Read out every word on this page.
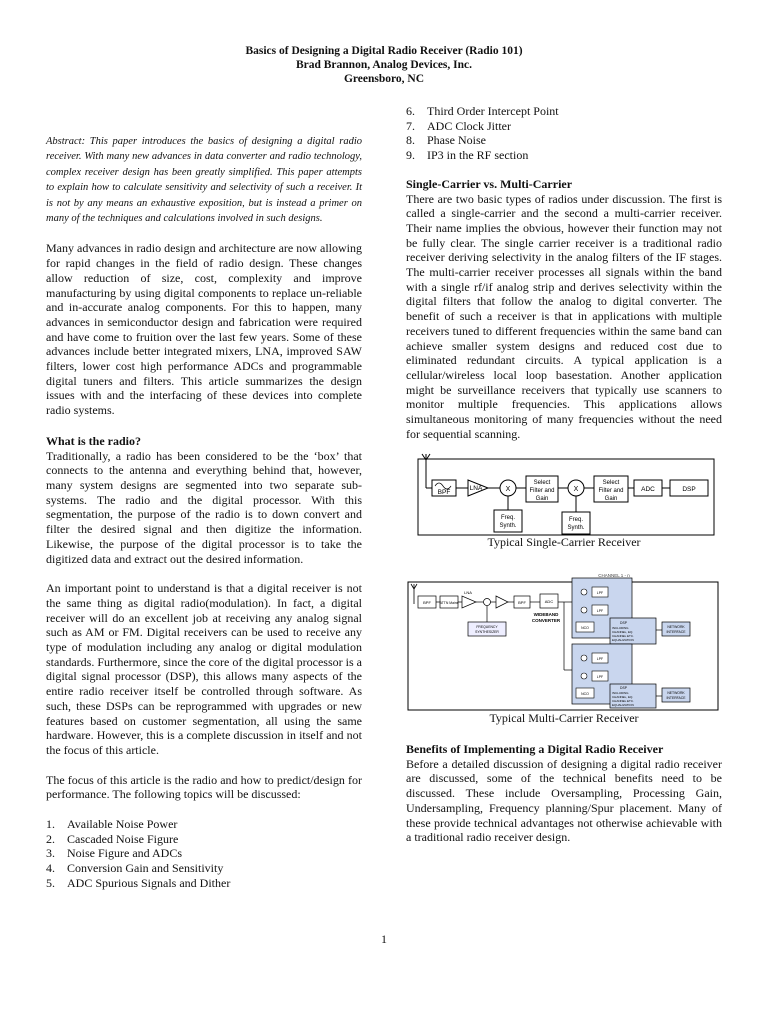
Basics of Designing a Digital Radio Receiver (Radio 101)
Brad Brannon, Analog Devices, Inc.
Greensboro, NC
Abstract: This paper introduces the basics of designing a digital radio receiver. With many new advances in data converter and radio technology, complex receiver design has been greatly simplified. This paper attempts to explain how to calculate sensitivity and selectivity of such a receiver. It is not by any means an exhaustive exposition, but is instead a primer on many of the techniques and calculations involved in such designs.
Many advances in radio design and architecture are now allowing for rapid changes in the field of radio design. These changes allow reduction of size, cost, complexity and improve manufacturing by using digital components to replace un-reliable and in-accurate analog components. For this to happen, many advances in semiconductor design and fabrication were required and have come to fruition over the last few years. Some of these advances include better integrated mixers, LNA, improved SAW filters, lower cost high performance ADCs and programmable digital tuners and filters. This article summarizes the design issues with and the interfacing of these devices into complete radio systems.
What is the radio?
Traditionally, a radio has been considered to be the ‘box’ that connects to the antenna and everything behind that, however, many system designs are segmented into two separate sub-systems. The radio and the digital processor. With this segmentation, the purpose of the radio is to down convert and filter the desired signal and then digitize the information. Likewise, the purpose of the digital processor is to take the digitized data and extract out the desired information.
An important point to understand is that a digital receiver is not the same thing as digital radio(modulation). In fact, a digital receiver will do an excellent job at receiving any analog signal such as AM or FM. Digital receivers can be used to receive any type of modulation including any analog or digital modulation standards. Furthermore, since the core of the digital processor is a digital signal processor (DSP), this allows many aspects of the entire radio receiver itself be controlled through software. As such, these DSPs can be reprogrammed with upgrades or new features based on customer segmentation, all using the same hardware. However, this is a complete discussion in itself and not the focus of this article.
The focus of this article is the radio and how to predict/design for performance. The following topics will be discussed:
1. Available Noise Power
2. Cascaded Noise Figure
3. Noise Figure and ADCs
4. Conversion Gain and Sensitivity
5. ADC Spurious Signals and Dither
6. Third Order Intercept Point
7. ADC Clock Jitter
8. Phase Noise
9. IP3 in the RF section
Single-Carrier vs. Multi-Carrier
There are two basic types of radios under discussion. The first is called a single-carrier and the second a multi-carrier receiver. Their name implies the obvious, however their function may not be fully clear. The single carrier receiver is a traditional radio receiver deriving selectivity in the analog filters of the IF stages. The multi-carrier receiver processes all signals within the band with a single rf/if analog strip and derives selectivity within the digital filters that follow the analog to digital converter. The benefit of such a receiver is that in applications with multiple receivers tuned to different frequencies within the same band can achieve smaller system designs and reduced cost due to eliminated redundant circuits. A typical application is a cellular/wireless local loop basestation. Another application might be surveillance receivers that typically use scanners to monitor multiple frequencies. This applications allows simultaneous monitoring of many frequencies without the need for sequential scanning.
BPF
LNA	X
Select
Filter and
Gain
X
Select
Filter and
Gain
ADC	DSP
Freq.
Synth.
Freq.
Synth.
Typical Single-Carrier Receiver
CHANNEL 1 - n
BPF	ATTN Mains
LNA
BPF	ADC
WIDEBAND
CONVERTER
FREQUENCY
SYNTHESIZER
LPF
LPF
NCO
DSP
INCLUDING
CHANNEL, EQ.
CHANNEL ETC.
EQUALIZATION
NETWORK
INTERFACE
LPF
LPF
NCO
DSP
INCLUDING
CHANNEL, EQ.
CHANNEL ETC.
EQUALIZATION
NETWORK
INTERFACE
Typical Multi-Carrier Receiver
Benefits of Implementing a Digital Radio Receiver
Before a detailed discussion of designing a digital radio receiver are discussed, some of the technical benefits need to be discussed. These include Oversampling, Processing Gain, Undersampling, Frequency planning/Spur placement. Many of these provide technical advantages not otherwise achievable with a traditional radio receiver design.
1
